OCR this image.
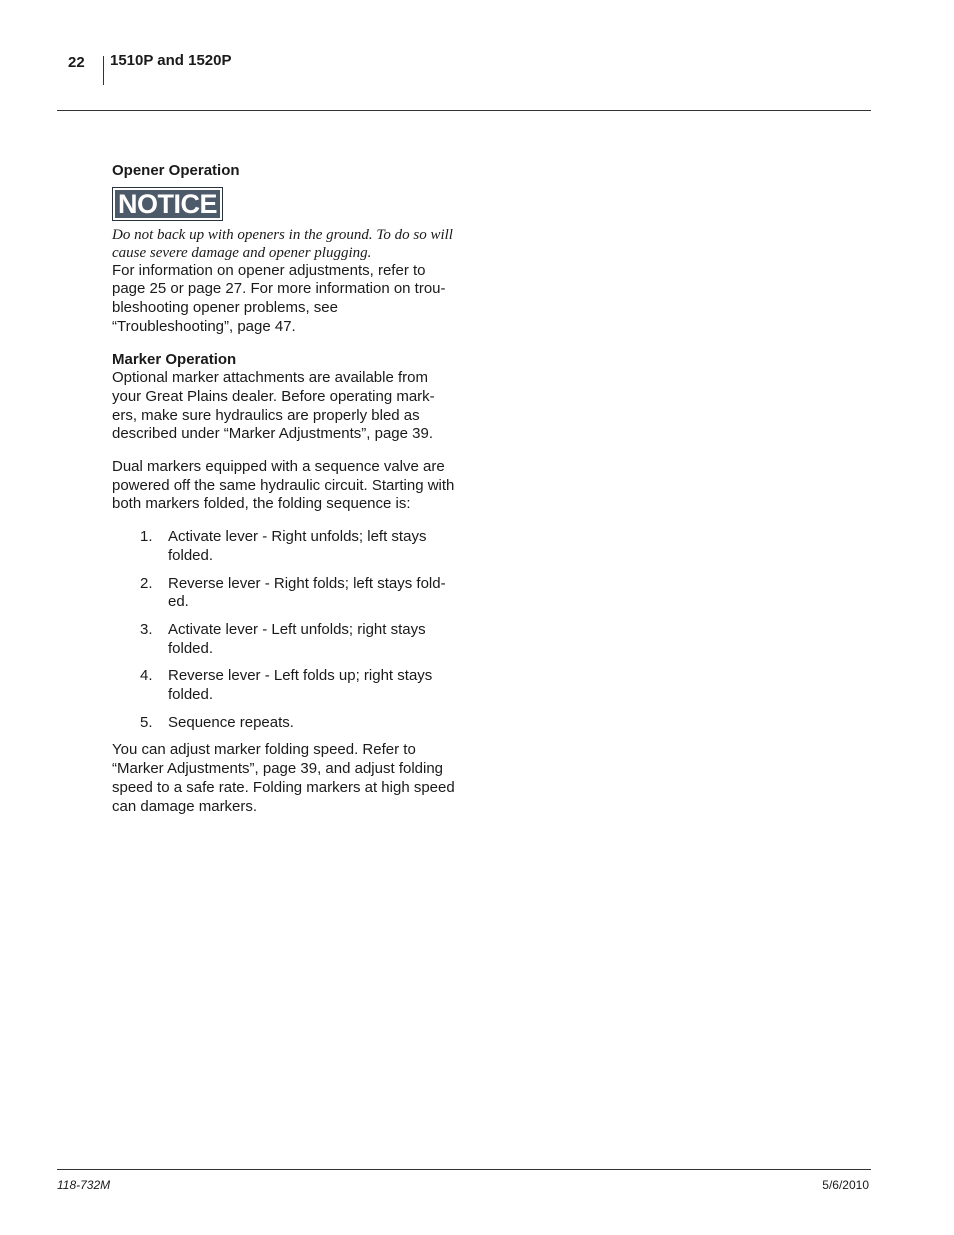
22 1510P and 1520P

Opener Operation

NOTICE

Do not back up with openers in the ground. To do so will cause severe damage and opener plugging.

For information on opener adjustments, refer to page 25 or page 27. For more information on trou-bleshooting opener problems, see “Troubleshooting”, page 47.

Marker Operation

Optional marker attachments are available from your Great Plains dealer. Before operating mark-ers, make sure hydraulics are properly bled as described under “Marker Adjustments”, page 39.

Dual markers equipped with a sequence valve are powered off the same hydraulic circuit. Starting with both markers folded, the folding sequence is:

1. Activate lever - Right unfolds; left stays folded.
2. Reverse lever - Right folds; left stays fold-ed.
3. Activate lever - Left unfolds; right stays folded.
4. Reverse lever - Left folds up; right stays folded.
5. Sequence repeats.

You can adjust marker folding speed. Refer to “Marker Adjustments”, page 39, and adjust folding speed to a safe rate. Folding markers at high speed can damage markers.

118-732M	5/6/2010
